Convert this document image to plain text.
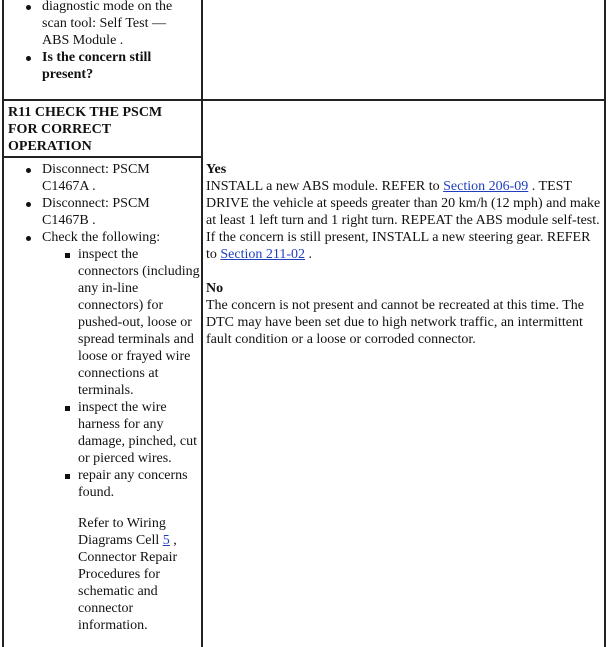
diagnostic mode on the
scan tool: Self Test —
ABS Module .
Is the concern still present?
R11 CHECK THE PSCM FOR CORRECT OPERATION
Disconnect: PSCM C1467A .
Disconnect: PSCM C1467B .
Check the following:
inspect the connectors (including any in-line connectors) for pushed-out, loose or spread terminals and loose or frayed wire connections at terminals.
inspect the wire harness for any damage, pinched, cut or pierced wires.
repair any concerns found.
Refer to Wiring Diagrams Cell 5 , Connector Repair Procedures for schematic and connector information.
Yes
INSTALL a new ABS module. REFER to Section 206-09 . TEST DRIVE the vehicle at speeds greater than 20 km/h (12 mph) and make at least 1 left turn and 1 right turn. REPEAT the ABS module self-test. If the concern is still present, INSTALL a new steering gear. REFER to Section 211-02 .
No
The concern is not present and cannot be recreated at this time. The DTC may have been set due to high network traffic, an intermittent fault condition or a loose or corroded connector.
